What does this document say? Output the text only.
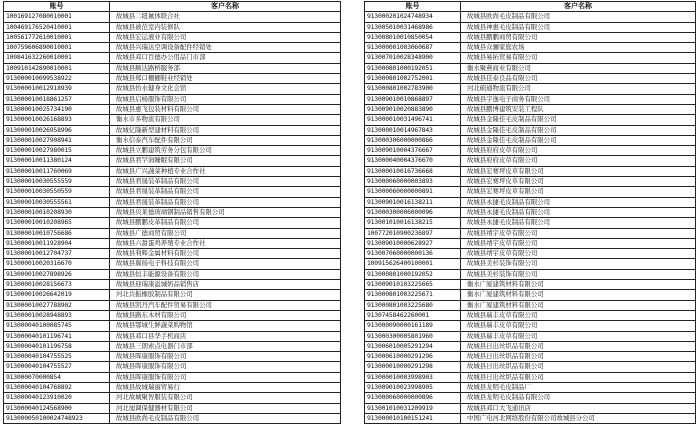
账号	客户名称
100169127080010001	故城县二纽氟体联合社
100469176520410001	故城县被范室内装修队
100561772610010001	故城县宏运液业有限公司
100759606890010001	故城县兴瑞达空调设备配件经销处
100841632260010001	故城县邓口百德办公用品门市部
100910142890010001	故城县顺达路桥服务部
913000010099538922	故城县郑口棚棚鞋业经销处
913000010012918939	故城县怡水健身文化会馆
913000010018861257	故城县启杨服饰有限公司
913000010025734190	故城县惠飞包装材料有限公司
913000010026168893	衡水市多物流有限公司
913000010026958996	故城亿隆新型建材料有限公司
913000010027908941	衡水信泰汽车配件有限公司
913000010027980015	故城县立鹏建筑劳务分包有限公司
913000010011380124	故城县君罕润睡眠有限公司
913000010011760069	故城县广兴蔬菜种植专业合作社
913000010030555559	故城县君晟装革制品有限公司
913000010030550559	故城县君晟装革制品有限公司
913000010030555561	故城县君晟装革制品有限公司
913000010010208930	故城县贝莱德玻璃钢制品销售有限公司
913000010010208965	故城县鹏鹏皮革制品有限公司
913000010010756686	故城县广德商贸有限公司
913000010011928904	故城县六甜蛋鸡养殖专业合作社
913000010012704737	故城县利辉金属材料有限公司
913000010020316670	故城县翼扬电子科技有限公司
913000010027898926	故城县恒丰能源设备有限公司
913000010028156673	故城县迎瑞康溢城奶品销售店
913000010026642019	河北共振橡胶制品有限公司
913000010027788902	故城县凯丹汽车配件贸易有限公司
913000010028948893	故城县路东木材有限公司
913000040100085745	故城县鄂城生鲜蔬菜购物馆
913000040101196741	故城县邓口县华手机商店
913000040101196758	故城县三朗索点电器门市部
913000040104755525	故城县晖康服饰有限公司
913000040104755527	故城县晖康服饰有限公司
913000070000854	故城县晖康服饰有限公司
913000040104768892	故城县故城瑞丽贸易行
913000040123910020	河北故城聚智服装有限公司
913000040124568900	河北旭调保健器材有限公司
913000050100024748923	故城县欧尚毛皮制品有限公司
账号	客户名称
913000201024748934	故城县欧尚毛皮制品有限公司
913005010031468986	故城县神惠毛皮制品有限公司
913008010010850054	故城县鹏鹏商贸有限公司
913000001003060687	故城县众骊家庭农场
913007010028348900	故城县易拓贸易有限公司
913000801000192051	衡水聚燕商业有限公司
913000801002752001	故城县佳泰良品有限公司
913000801002783900	河北硕通物流有限公司
913009010010868897	故城县宇逸电子商务有限公司
913009010020883890	故城县鹏博建筑安装工程队
913000010031496741	故城县金隆佳毛皮制品有限公司
913000010014967843	故城县金隆佳毛皮制品有限公司
913000306000000866	故城县金隆佳毛皮制品有限公司
913009010004376667	故城县府府皮草有限公司
913000040004376670	故城县府府皮草有限公司
913000010016736668	故城县宏赛坪皮草有限公司
913000060000003893	故城县宏赛坪皮草有限公司
913000060000000891	故城县宏赛坪皮草有限公司
913009010016138211	故城县永捷毛皮制品有限公司
913000300006000096	故城县永捷毛皮制品有限公司
913001010016138215	故城县永捷毛皮制品有限公司
100772010900236897	故城县靖宇皮草有限公司
913009010000628927	故城县靖宇皮草有限公司
913007060000000136	故城县靖宇皮草有限公司
100915626400100001	故城县美杉装饰有限公司
913000801000192052	故城县美杉装饰有限公司
913009010103225665	衡水广厦建筑材料有限公司
913000801003225671	衡水广厦建筑材料有限公司
913000801003225680	衡水广厦建筑材料有限公司
91307458462260001	故城县瑞丰皮草有限公司
913000090000161189	故城县瑞丰皮草有限公司
913000300005801960	故城县瑞丰皮草有限公司
913006010005291294	故城县日出丝织品有限公司
913000610000291296	故城县日出丝织品有限公司
913000010000291298	故城县日出丝织品有限公司
913000010003998903	故城县日出丝织品有限公司
913009010023998905	故城县龙明毛皮制品厂
913000060000000896	故城县龙明毛皮制品有限公司
913001010031209919	故城县邓口大飞通讯店
913000010100151241	中国广电河北网络股份有限公司故城县分公司
